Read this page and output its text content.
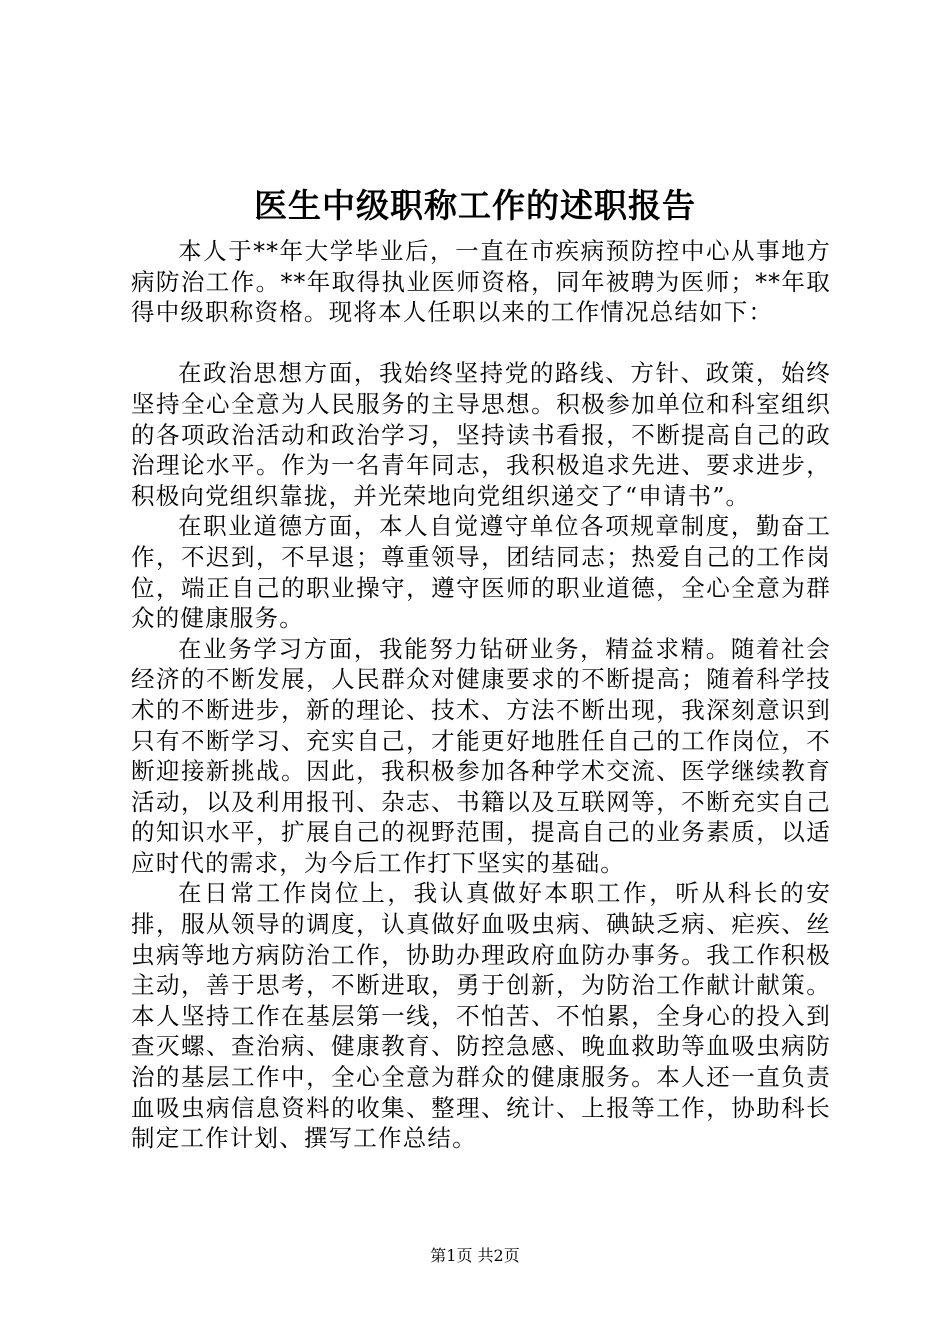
医生中级职称工作的述职报告

本人于**年大学毕业后，一直在市疾病预防控中心从事地方病防治工作。**年取得执业医师资格，同年被聘为医师；**年取得中级职称资格。现将本人任职以来的工作情况总结如下：

在政治思想方面，我始终坚持党的路线、方针、政策，始终坚持全心全意为人民服务的主导思想。积极参加单位和科室组织的各项政治活动和政治学习，坚持读书看报，不断提高自己的政治理论水平。作为一名青年同志，我积极追求先进、要求进步，积极向党组织靠拢，并光荣地向党组织递交了“申请书”。

在职业道德方面，本人自觉遵守单位各项规章制度，勤奋工作，不迟到，不早退；尊重领导，团结同志；热爱自己的工作岗位，端正自己的职业操守，遵守医师的职业道德，全心全意为群众的健康服务。

在业务学习方面，我能努力钻研业务，精益求精。随着社会经济的不断发展，人民群众对健康要求的不断提高；随着科学技术的不断进步，新的理论、技术、方法不断出现，我深刻意识到只有不断学习、充实自己，才能更好地胜任自己的工作岗位，不断迎接新挑战。因此，我积极参加各种学术交流、医学继续教育活动，以及利用报刊、杂志、书籍以及互联网等，不断充实自己的知识水平，扩展自己的视野范围，提高自己的业务素质，以适应时代的需求，为今后工作打下坚实的基础。

在日常工作岗位上，我认真做好本职工作，听从科长的安排，服从领导的调度，认真做好血吸虫病、碘缺乏病、疟疾、丝虫病等地方病防治工作，协助办理政府血防办事务。我工作积极主动，善于思考，不断进取，勇于创新，为防治工作献计献策。本人坚持工作在基层第一线，不怕苦、不怕累，全身心的投入到查灭螺、查治病、健康教育、防控急感、晚血救助等血吸虫病防治的基层工作中，全心全意为群众的健康服务。本人还一直负责血吸虫病信息资料的收集、整理、统计、上报等工作，协助科长制定工作计划、撰写工作总结。

第1页 共2页
